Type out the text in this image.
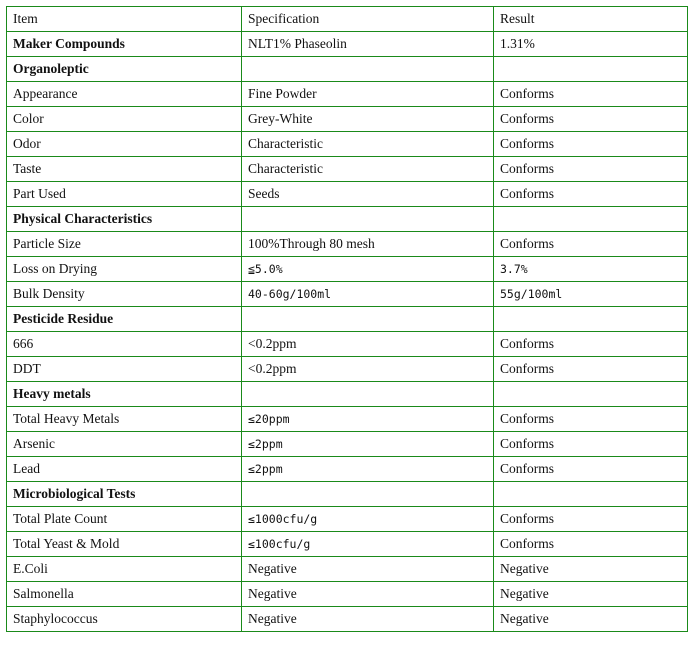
Item	Specification	Result
Maker Compounds	NLT1% Phaseolin	1.31%
Organoleptic		
Appearance	Fine Powder	Conforms
Color	Grey-White	Conforms
Odor	Characteristic	Conforms
Taste	Characteristic	Conforms
Part Used	Seeds	Conforms
Physical Characteristics		
Particle Size	100%Through 80 mesh	Conforms
Loss on Drying	≦5.0%	3.7%
Bulk Density	40-60g/100ml	55g/100ml
Pesticide Residue		
666	<0.2ppm	Conforms
DDT	<0.2ppm	Conforms
Heavy metals		
Total Heavy Metals	≤20ppm	Conforms
Arsenic	≤2ppm	Conforms
Lead	≤2ppm	Conforms
Microbiological Tests		
Total Plate Count	≤1000cfu/g	Conforms
Total Yeast & Mold	≤100cfu/g	Conforms
E.Coli	Negative	Negative
Salmonella	Negative	Negative
Staphylococcus	Negative	Negative
